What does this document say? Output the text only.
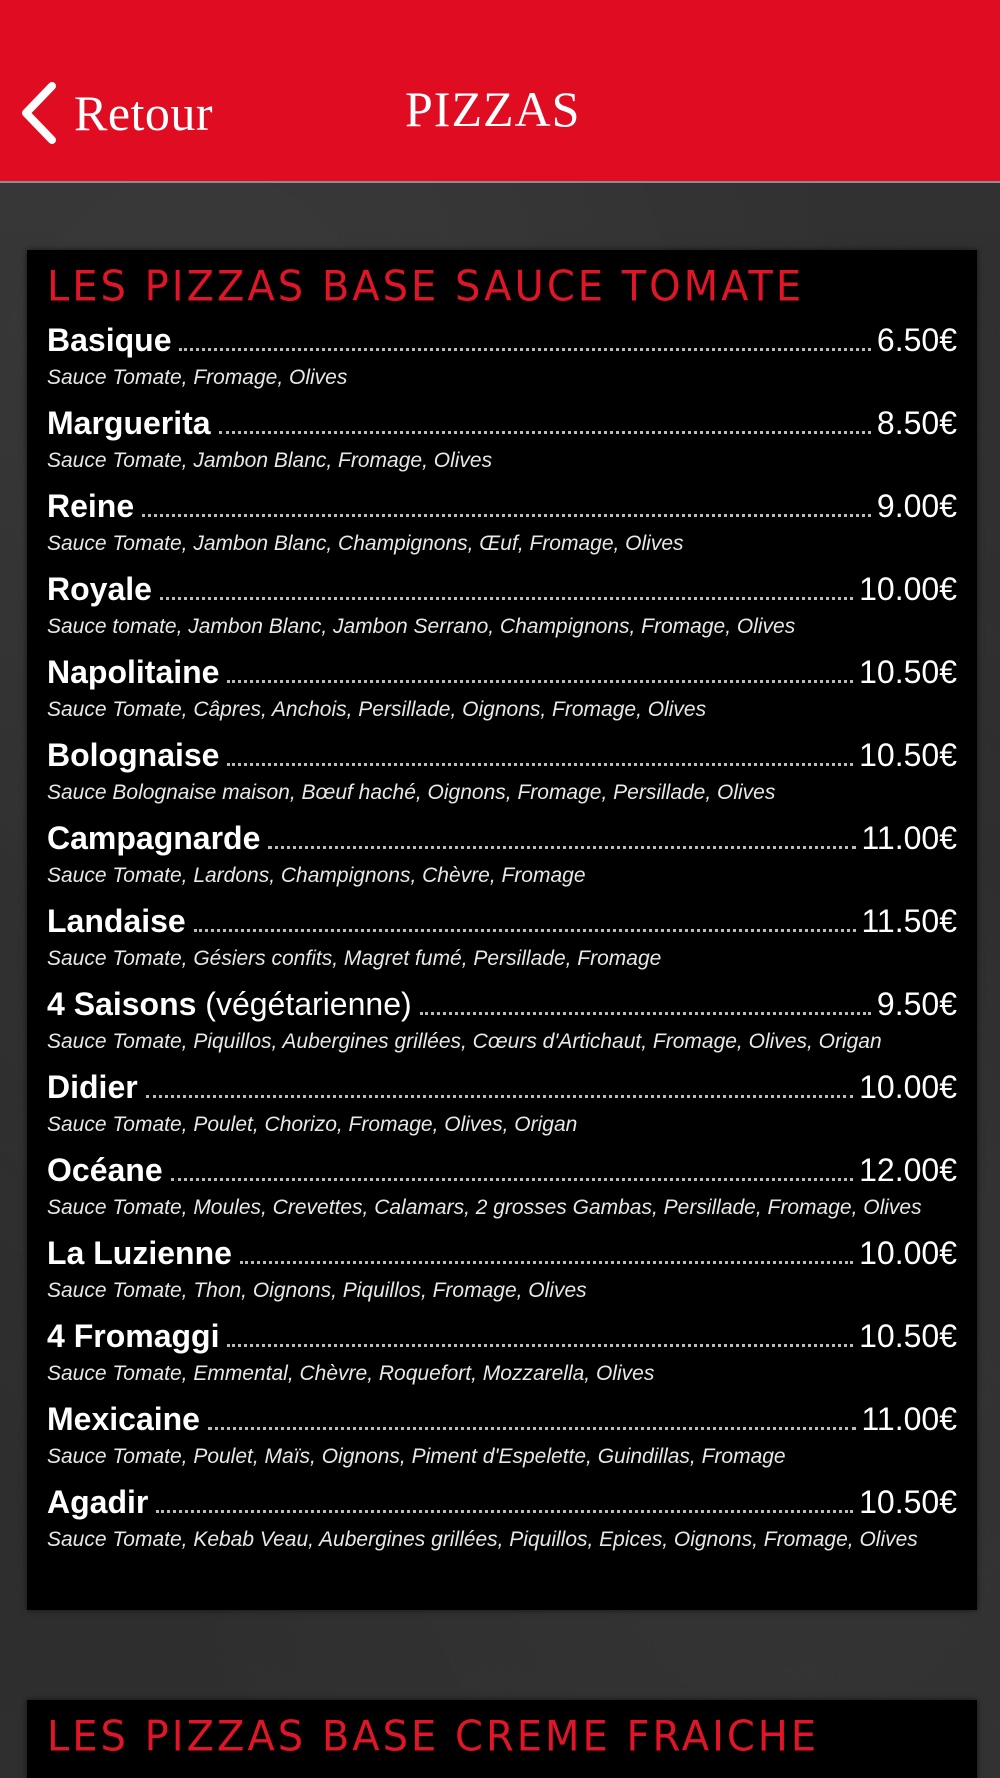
Retour	PIZZAS
LES PIZZAS BASE SAUCE TOMATE
Basique	6.50€
Sauce Tomate, Fromage, Olives
Marguerita	8.50€
Sauce Tomate, Jambon Blanc, Fromage, Olives
Reine	9.00€
Sauce Tomate, Jambon Blanc, Champignons, Œuf, Fromage, Olives
Royale	10.00€
Sauce tomate, Jambon Blanc, Jambon Serrano, Champignons, Fromage, Olives
Napolitaine	10.50€
Sauce Tomate, Câpres, Anchois, Persillade, Oignons, Fromage, Olives
Bolognaise	10.50€
Sauce Bolognaise maison, Bœuf haché, Oignons, Fromage, Persillade, Olives
Campagnarde	11.00€
Sauce Tomate, Lardons, Champignons, Chèvre, Fromage
Landaise	11.50€
Sauce Tomate, Gésiers confits, Magret fumé, Persillade, Fromage
4 Saisons (végétarienne)	9.50€
Sauce Tomate, Piquillos, Aubergines grillées, Cœurs d'Artichaut, Fromage, Olives, Origan
Didier	10.00€
Sauce Tomate, Poulet, Chorizo, Fromage, Olives, Origan
Océane	12.00€
Sauce Tomate, Moules, Crevettes, Calamars, 2 grosses Gambas, Persillade, Fromage, Olives
La Luzienne	10.00€
Sauce Tomate, Thon, Oignons, Piquillos, Fromage, Olives
4 Fromaggi	10.50€
Sauce Tomate, Emmental, Chèvre, Roquefort, Mozzarella, Olives
Mexicaine	11.00€
Sauce Tomate, Poulet, Maïs, Oignons, Piment d'Espelette, Guindillas, Fromage
Agadir	10.50€
Sauce Tomate, Kebab Veau, Aubergines grillées, Piquillos, Epices, Oignons, Fromage, Olives
LES PIZZAS BASE CREME FRAICHE
